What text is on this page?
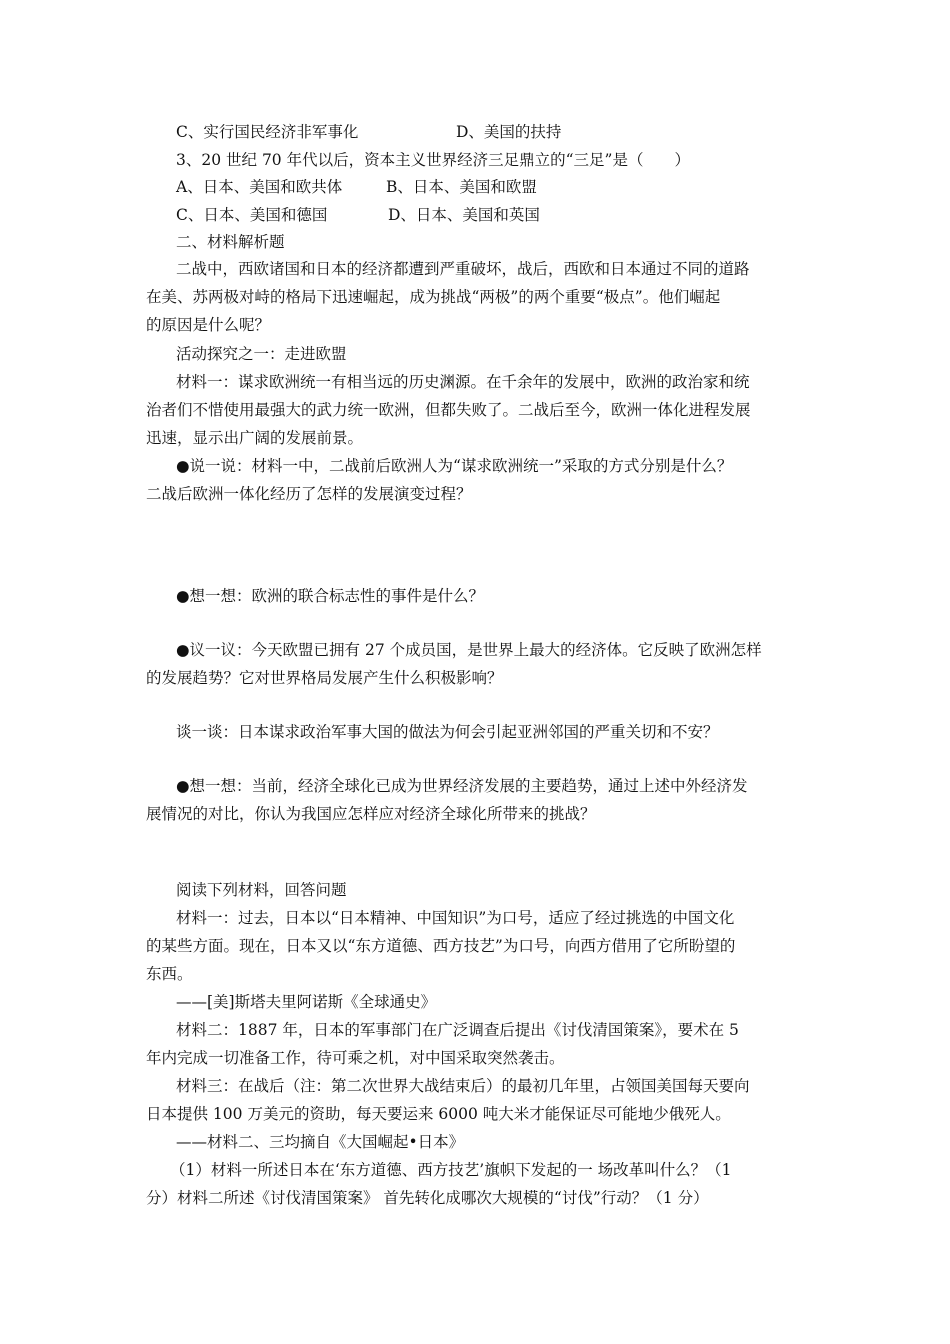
C、实行国民经济非军事化	D、美国的扶持
3、20 世纪 70 年代以后，资本主义世界经济三足鼎立的“三足”是（　　）
A、日本、美国和欧共体	B、日本、美国和欧盟
C、日本、美国和德国	D、日本、美国和英国
二、材料解析题
二战中，西欧诸国和日本的经济都遭到严重破坏，战后，西欧和日本通过不同的道路
在美、苏两极对峙的格局下迅速崛起，成为挑战“两极”的两个重要“极点”。他们崛起
的原因是什么呢？
活动探究之一：走进欧盟
材料一：谋求欧洲统一有相当远的历史渊源。在千余年的发展中，欧洲的政治家和统
治者们不惜使用最强大的武力统一欧洲，但都失败了。二战后至今，欧洲一体化进程发展
迅速，显示出广阔的发展前景。
●说一说：材料一中，二战前后欧洲人为“谋求欧洲统一”采取的方式分别是什么？
二战后欧洲一体化经历了怎样的发展演变过程？
●想一想：欧洲的联合标志性的事件是什么？
●议一议：今天欧盟已拥有 27 个成员国，是世界上最大的经济体。它反映了欧洲怎样
的发展趋势？它对世界格局发展产生什么积极影响？
谈一谈：日本谋求政治军事大国的做法为何会引起亚洲邻国的严重关切和不安？
●想一想：当前，经济全球化已成为世界经济发展的主要趋势，通过上述中外经济发
展情况的对比，你认为我国应怎样应对经济全球化所带来的挑战？
阅读下列材料，回答问题
材料一：过去，日本以“日本精神、中国知识”为口号，适应了经过挑选的中国文化
的某些方面。现在，日本又以“东方道德、西方技艺”为口号，向西方借用了它所盼望的
东西。
——[美]斯塔夫里阿诺斯《全球通史》
材料二：1887 年，日本的军事部门在广泛调查后提出《讨伐清国策案》，要术在 5
年内完成一切准备工作，待可乘之机，对中国采取突然袭击。
材料三：在战后（注：第二次世界大战结束后）的最初几年里，占领国美国每天要向
日本提供 100 万美元的资助，每天要运来 6000 吨大米才能保证尽可能地少俄死人。
——材料二、三均摘自《大国崛起•日本》
（1）材料一所述日本在‘东方道德、西方技艺’旗帜下发起的一 场改革叫什么？（1
分）材料二所述《讨伐清国策案》 首先转化成哪次大规模的“讨伐”行动？（1 分）
